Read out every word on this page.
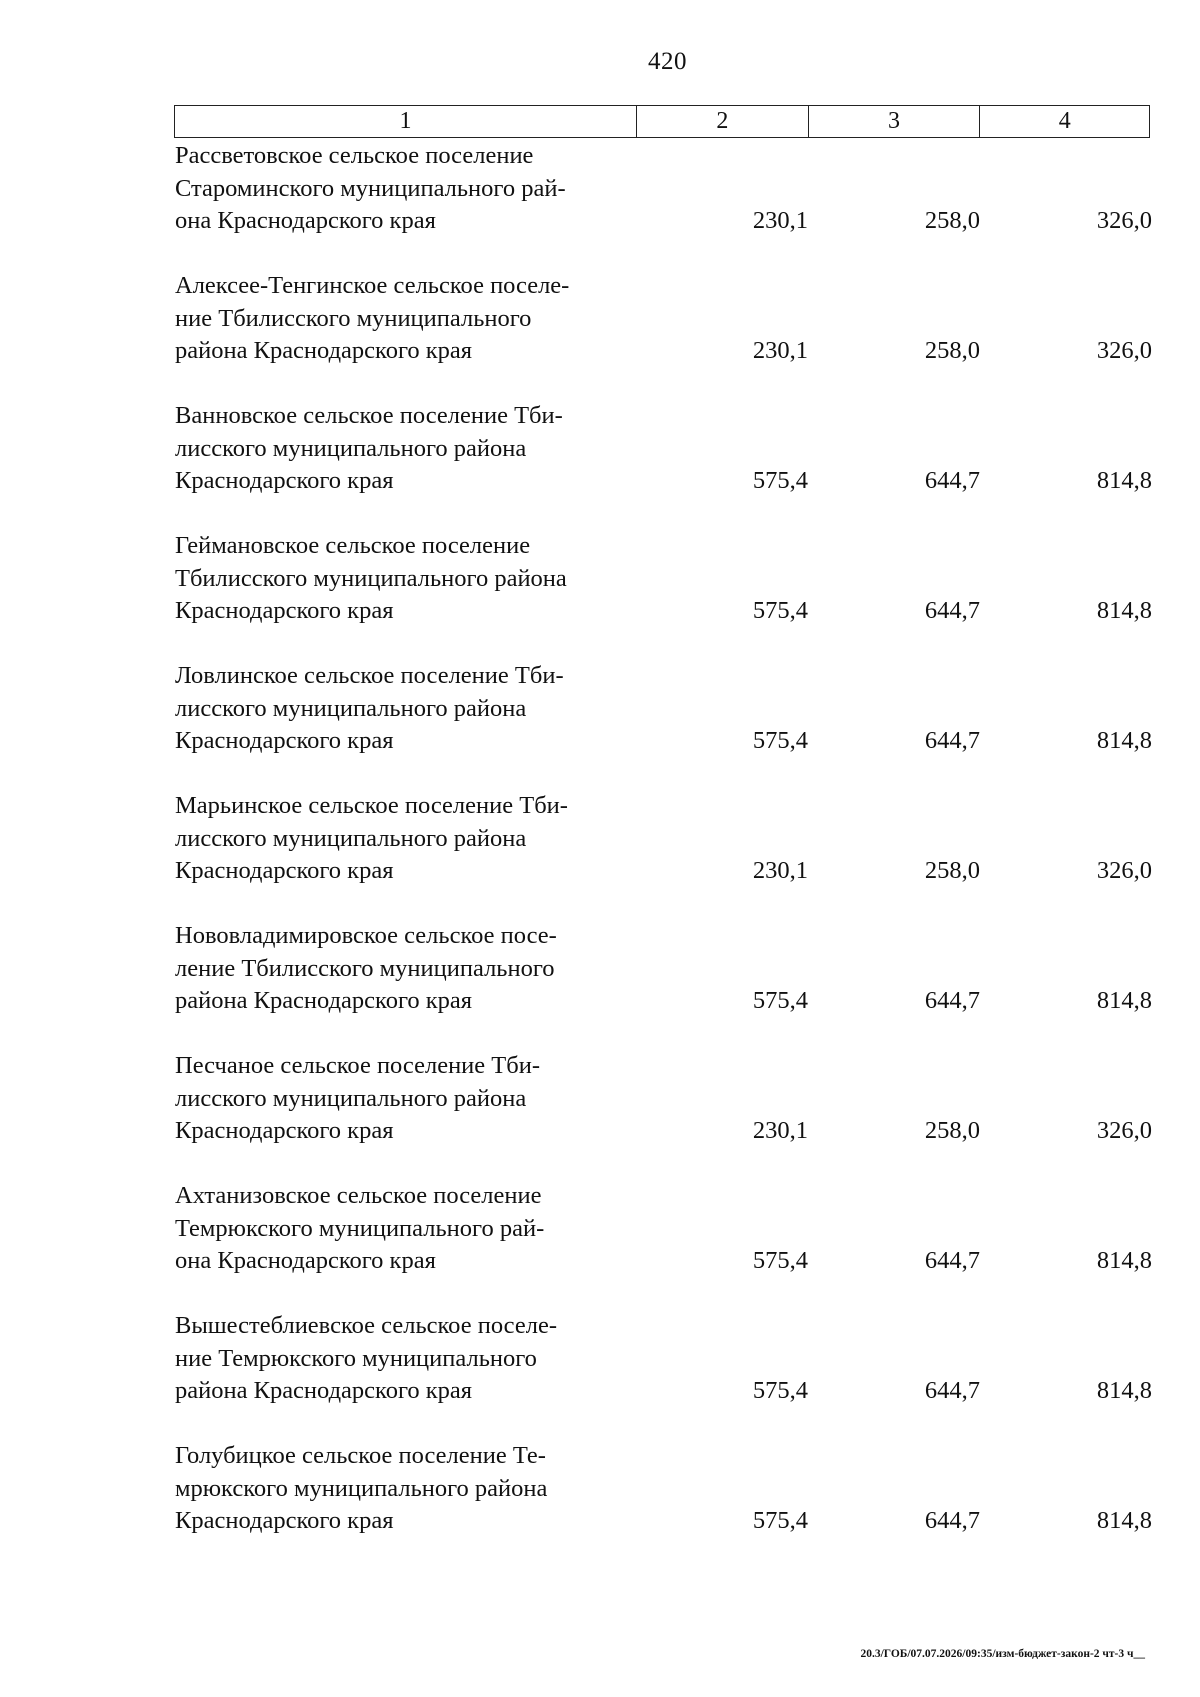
420
1	2	3	4
Рассветовское сельское поселение
Староминского муниципального рай-
она Краснодарского края	230,1	258,0	326,0
Алексее-Тенгинское сельское поселе-
ние Тбилисского муниципального
района Краснодарского края	230,1	258,0	326,0
Ванновское сельское поселение Тби-
лисского муниципального района
Краснодарского края	575,4	644,7	814,8
Геймановское сельское поселение
Тбилисского муниципального района
Краснодарского края	575,4	644,7	814,8
Ловлинское сельское поселение Тби-
лисского муниципального района
Краснодарского края	575,4	644,7	814,8
Марьинское сельское поселение Тби-
лисского муниципального района
Краснодарского края	230,1	258,0	326,0
Нововладимировское сельское посе-
ление Тбилисского муниципального
района Краснодарского края	575,4	644,7	814,8
Песчаное сельское поселение Тби-
лисского муниципального района
Краснодарского края	230,1	258,0	326,0
Ахтанизовское сельское поселение
Темрюкского муниципального рай-
она Краснодарского края	575,4	644,7	814,8
Вышестеблиевское сельское поселе-
ние Темрюкского муниципального
района Краснодарского края	575,4	644,7	814,8
Голубицкое сельское поселение Те-
мрюкского муниципального района
Краснодарского края	575,4	644,7	814,8
20.3/ГОБ/07.07.2026/09:35/изм-бюджет-закон-2 чт-3 ч__
